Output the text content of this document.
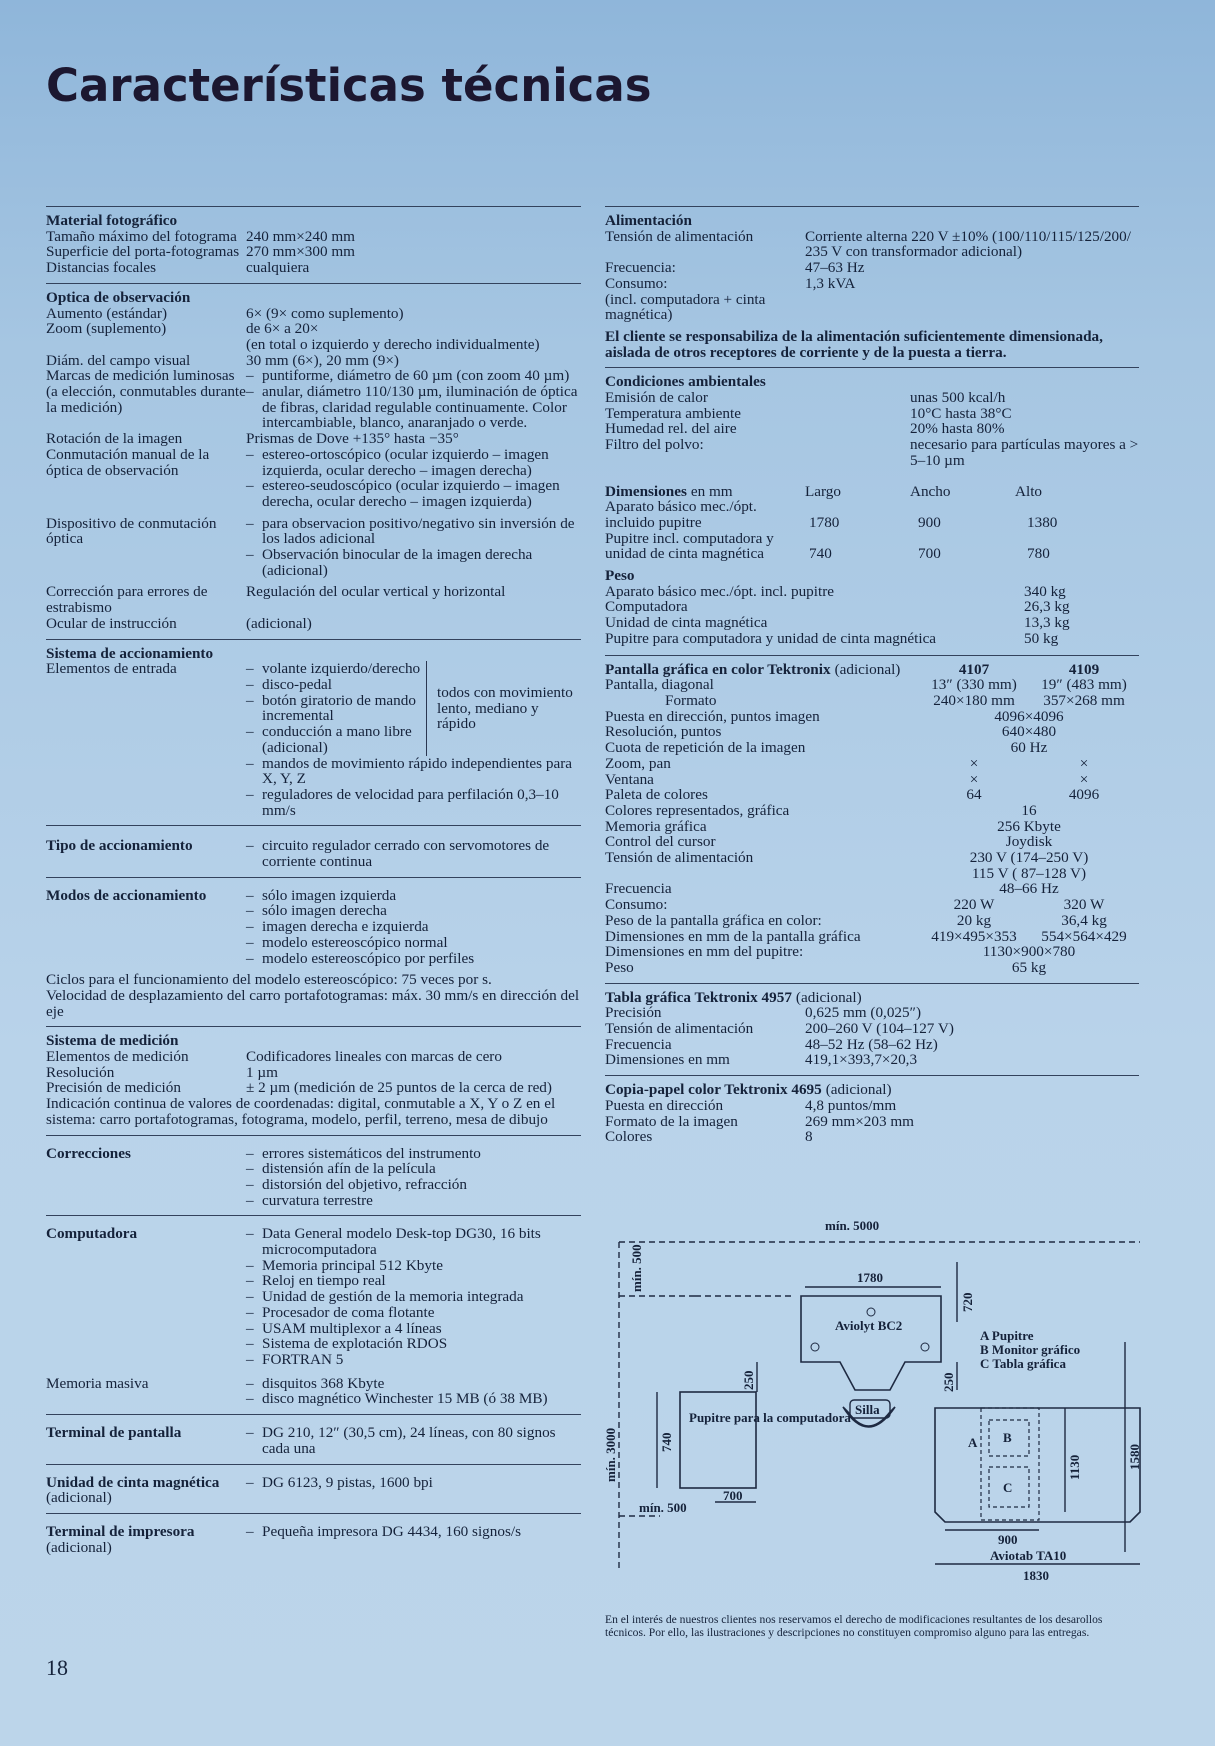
Características técnicas
Material fotográfico
Tamaño máximo del fotograma 240 mm×240 mm
Superficie del porta-fotogramas 270 mm×300 mm
Distancias focales	cualquiera
Optica de observación
Aumento (estándar)	6× (9× como suplemento)
Zoom (suplemento)	de 6× a 20×
(en total o izquierdo y derecho individualmente)
Diám. del campo visual	30 mm (6×), 20 mm (9×)
Marcas de medición luminosas (a elección, conmutables durante la medición)
– puntiforme, diámetro de 60 µm (con zoom 40 µm)
– anular, diámetro 110/130 µm, iluminación de óptica de fibras, claridad regulable continuamente. Color intercambiable, blanco, anaranjado o verde.
Rotación de la imagen	Prismas de Dove +135° hasta −35°
Conmutación manual de la óptica de observación
– estereo-ortoscópico (ocular izquierdo – imagen izquierda, ocular derecho – imagen derecha)
– estereo-seudoscópico (ocular izquierdo – imagen derecha, ocular derecho – imagen izquierda)
Dispositivo de conmutación óptica
– para observacion positivo/negativo sin inversión de los lados adicional
– Observación binocular de la imagen derecha (adicional)
Corrección para errores de estrabismo
Regulación del ocular vertical y horizontal
Ocular de instrucción	(adicional)
Sistema de accionamiento
Elementos de entrada	– volante izquierdo/derecho
– disco-pedal
– botón giratorio de mando incremental
– conducción a mano libre (adicional)
todos con movimiento lento, mediano y rápido
– mandos de movimiento rápido independientes para X, Y, Z
– reguladores de velocidad para perfilación 0,3–10 mm/s
Tipo de accionamiento	– circuito regulador cerrado con servomotores de corriente continua
Modos de accionamiento	– sólo imagen izquierda
– sólo imagen derecha
– imagen derecha e izquierda
– modelo estereoscópico normal
– modelo estereoscópico por perfiles
Ciclos para el funcionamiento del modelo estereoscópico: 75 veces por s.
Velocidad de desplazamiento del carro portafotogramas: máx. 30 mm/s en dirección del eje
Sistema de medición
Elementos de medición	Codificadores lineales con marcas de cero
Resolución	1 µm
Precisión de medición	± 2 µm (medición de 25 puntos de la cerca de red)
Indicación continua de valores de coordenadas: digital, conmutable a X, Y o Z en el sistema: carro portafotogramas, fotograma, modelo, perfil, terreno, mesa de dibujo
Correcciones	– errores sistemáticos del instrumento
– distensión afín de la película
– distorsión del objetivo, refracción
– curvatura terrestre
Computadora	– Data General modelo Desk-top DG30, 16 bits microcomputadora
– Memoria principal 512 Kbyte
– Reloj en tiempo real
– Unidad de gestión de la memoria integrada
– Procesador de coma flotante
– USAM multiplexor a 4 líneas
– Sistema de explotación RDOS
– FORTRAN 5
Memoria masiva	– disquitos 368 Kbyte
– disco magnético Winchester 15 MB (ó 38 MB)
Terminal de pantalla	– DG 210, 12″ (30,5 cm), 24 líneas, con 80 signos cada una
Unidad de cinta magnética
(adicional)
– DG 6123, 9 pistas, 1600 bpi
Terminal de impresora
(adicional)
– Pequeña impresora DG 4434, 160 signos/s
Alimentación
Tensión de alimentación	Corriente alterna 220 V ±10% (100/110/115/125/200/ 235 V con transformador adicional)
Frecuencia:	47–63 Hz
Consumo:	1,3 kVA
(incl. computadora + cinta magnética)
El cliente se responsabiliza de la alimentación suficientemente dimensionada, aislada de otros receptores de corriente y de la puesta a tierra.
Condiciones ambientales
Emisión de calor	unas 500 kcal/h
Temperatura ambiente	10°C hasta 38°C
Humedad rel. del aire	20% hasta 80%
Filtro del polvo:	necesario para partículas mayores a > 5–10 µm
Dimensiones en mm	Largo	Ancho	Alto
Aparato básico mec./ópt. incluido pupitre	1780	900	1380
Pupitre incl. computadora y unidad de cinta magnética	740	700	780
Peso
Aparato básico mec./ópt. incl. pupitre	340 kg
Computadora	26,3 kg
Unidad de cinta magnética	13,3 kg
Pupitre para computadora y unidad de cinta magnética	50 kg
Pantalla gráfica en color Tektronix (adicional)	4107	4109
Pantalla, diagonal	13″ (330 mm)	19″ (483 mm)
Formato	240×180 mm	357×268 mm
Puesta en dirección, puntos imagen	4096×4096
Resolución, puntos	640×480
Cuota de repetición de la imagen	60 Hz
Zoom, pan	×	×
Ventana	×	×
Paleta de colores	64	4096
Colores representados, gráfica	16
Memoria gráfica	256 Kbyte
Control del cursor	Joydisk
Tensión de alimentación	230 V (174–250 V)
115 V ( 87–128 V)
Frecuencia	48–66 Hz
Consumo:	220 W	320 W
Peso de la pantalla gráfica en color:	20 kg	36,4 kg
Dimensiones en mm de la pantalla gráfica	419×495×353	554×564×429
Dimensiones en mm del pupitre:	1130×900×780
Peso	65 kg
Tabla gráfica Tektronix 4957 (adicional)
Precisión	0,625 mm (0,025″)
Tensión de alimentación	200–260 V (104–127 V)
Frecuencia	48–52 Hz (58–62 Hz)
Dimensiones en mm	419,1×393,7×20,3
Copia-papel color Tektronix 4695 (adicional)
Puesta en dirección	4,8 puntos/mm
Formato de la imagen	269 mm×203 mm
Colores	8
mín. 5000
1780
Aviolyt BC2
A Pupitre
B Monitor gráfico
C Tabla gráfica
Silla
Pupitre para la computadora
A B
C
700
mín. 500
900
Aviotab TA10
1830
mín. 500
720
250	250
mín. 3000	740
1130	1580
En el interés de nuestros clientes nos reservamos el derecho de modificaciones resultantes de los desarollos técnicos. Por ello, las ilustraciones y descripciones no constituyen compromiso alguno para las entregas.
18
